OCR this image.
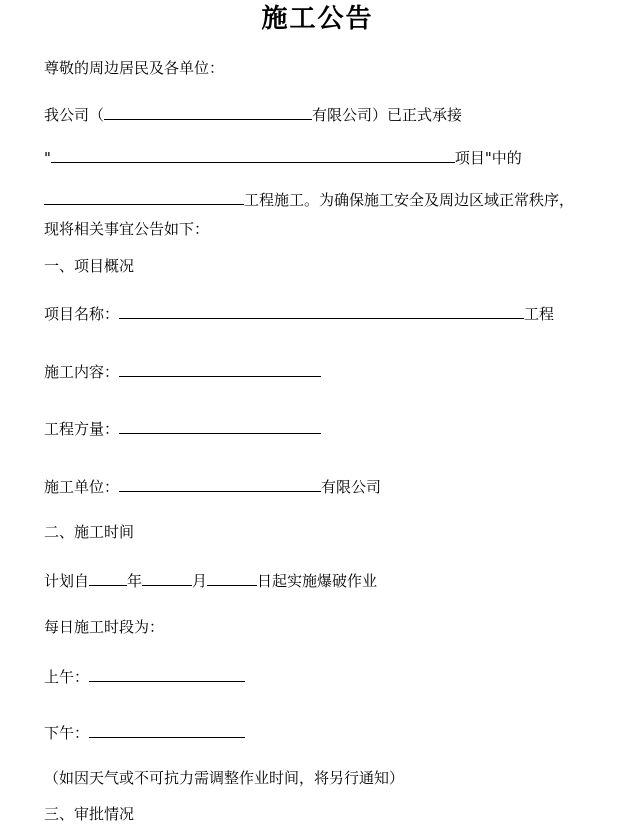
施工公告
尊敬的周边居民及各单位：
我公司（	有限公司）已正式承接
"	项目"中的
工程施工。为确保施工安全及周边区域正常秩序，
现将相关事宜公告如下：
一、项目概况
项目名称：	工程
施工内容：
工程方量：
施工单位：	有限公司
二、施工时间
计划自	年	月	日起实施爆破作业
每日施工时段为：
上午：
下午：
（如因天气或不可抗力需调整作业时间，将另行通知）
三、审批情况
